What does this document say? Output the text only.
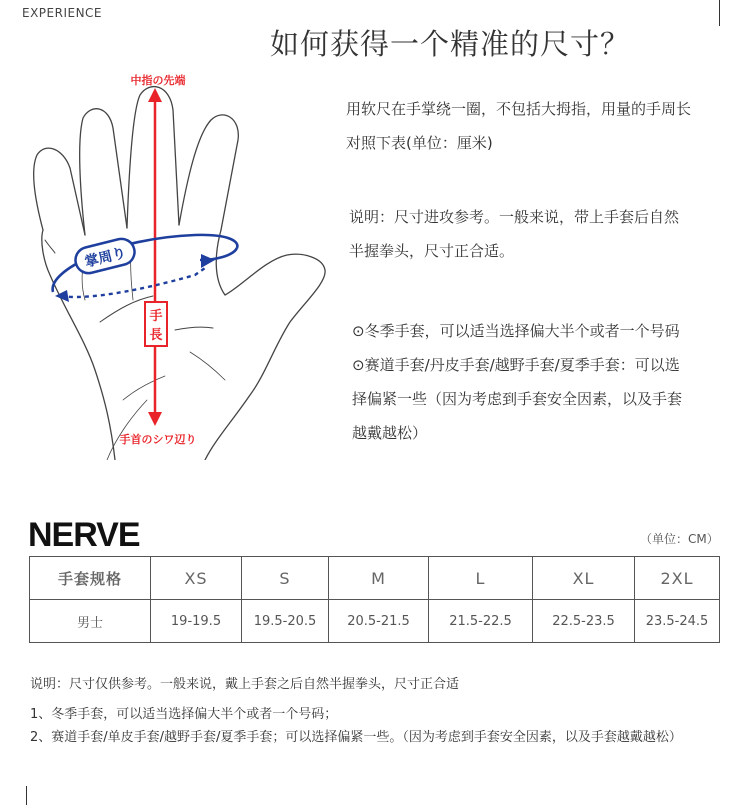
EXPERIENCE
如何获得一个精准的尺寸？
掌周り
手
長
中指の先端
手首のシワ辺り
用软尺在手掌绕一圈，不包括大拇指，用量的手周长
对照下表(单位：厘米)
说明：尺寸进攻参考。一般来说，带上手套后自然
半握拳头，尺寸正合适。
⊙冬季手套，可以适当选择偏大半个或者一个号码
⊙赛道手套/丹皮手套/越野手套/夏季手套：可以选
择偏紧一些（因为考虑到手套安全因素，以及手套
越戴越松）
NERVE	（单位：CM）
手套规格	XS	S	M	L	XL	2XL
男士	19-19.5	19.5-20.5	20.5-21.5	21.5-22.5	22.5-23.5	23.5-24.5
说明：尺寸仅供参考。一般来说，戴上手套之后自然半握拳头，尺寸正合适
1、冬季手套，可以适当选择偏大半个或者一个号码；
2、赛道手套/单皮手套/越野手套/夏季手套；可以选择偏紧一些。（因为考虑到手套安全因素，以及手套越戴越松）
